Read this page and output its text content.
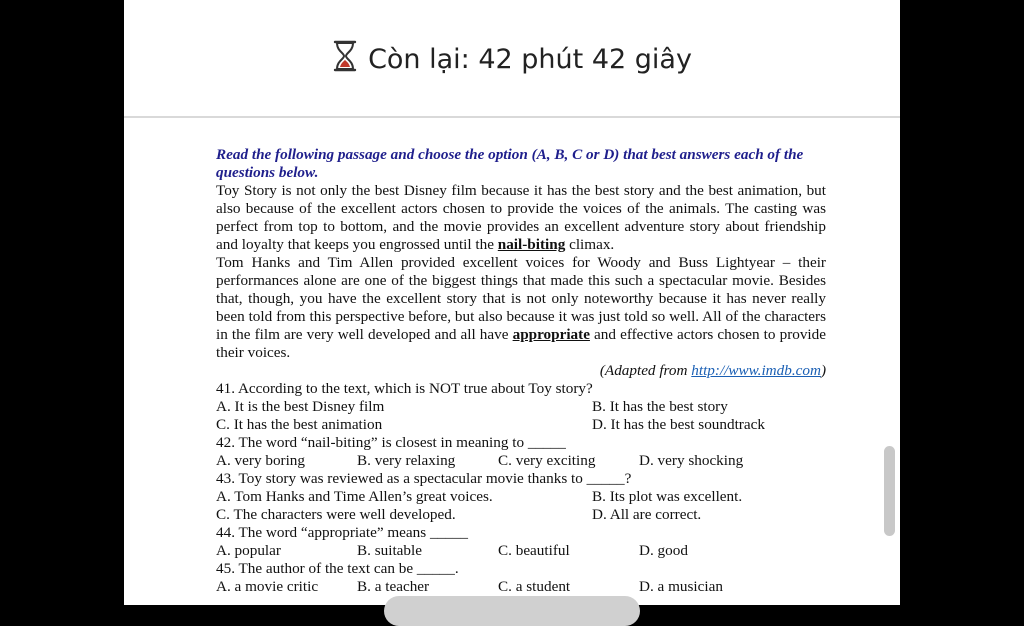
Còn lại: 42 phút 42 giây
Read the following passage and choose the option (A, B, C or D) that best answers each of the questions below.
Toy Story is not only the best Disney film because it has the best story and the best animation, but also because of the excellent actors chosen to provide the voices of the animals. The casting was perfect from top to bottom, and the movie provides an excellent adventure story about friendship and loyalty that keeps you engrossed until the nail-biting climax.
Tom Hanks and Tim Allen provided excellent voices for Woody and Buss Lightyear – their performances alone are one of the biggest things that made this such a spectacular movie. Besides that, though, you have the excellent story that is not only noteworthy because it has never really been told from this perspective before, but also because it was just told so well. All of the characters in the film are very well developed and all have appropriate and effective actors chosen to provide their voices.
(Adapted from http://www.imdb.com)
41. According to the text, which is NOT true about Toy story?
A. It is the best Disney film	B. It has the best story
C. It has the best animation	D. It has the best soundtrack
42. The word “nail-biting” is closest in meaning to _____
A. very boring	B. very relaxing	C. very exciting	D. very shocking
43. Toy story was reviewed as a spectacular movie thanks to _____?
A. Tom Hanks and Time Allen’s great voices.	B. Its plot was excellent.
C. The characters were well developed.	D. All are correct.
44. The word “appropriate” means _____
A. popular	B. suitable	C. beautiful	D. good
45. The author of the text can be _____.
A. a movie critic	B. a teacher	C. a student	D. a musician
